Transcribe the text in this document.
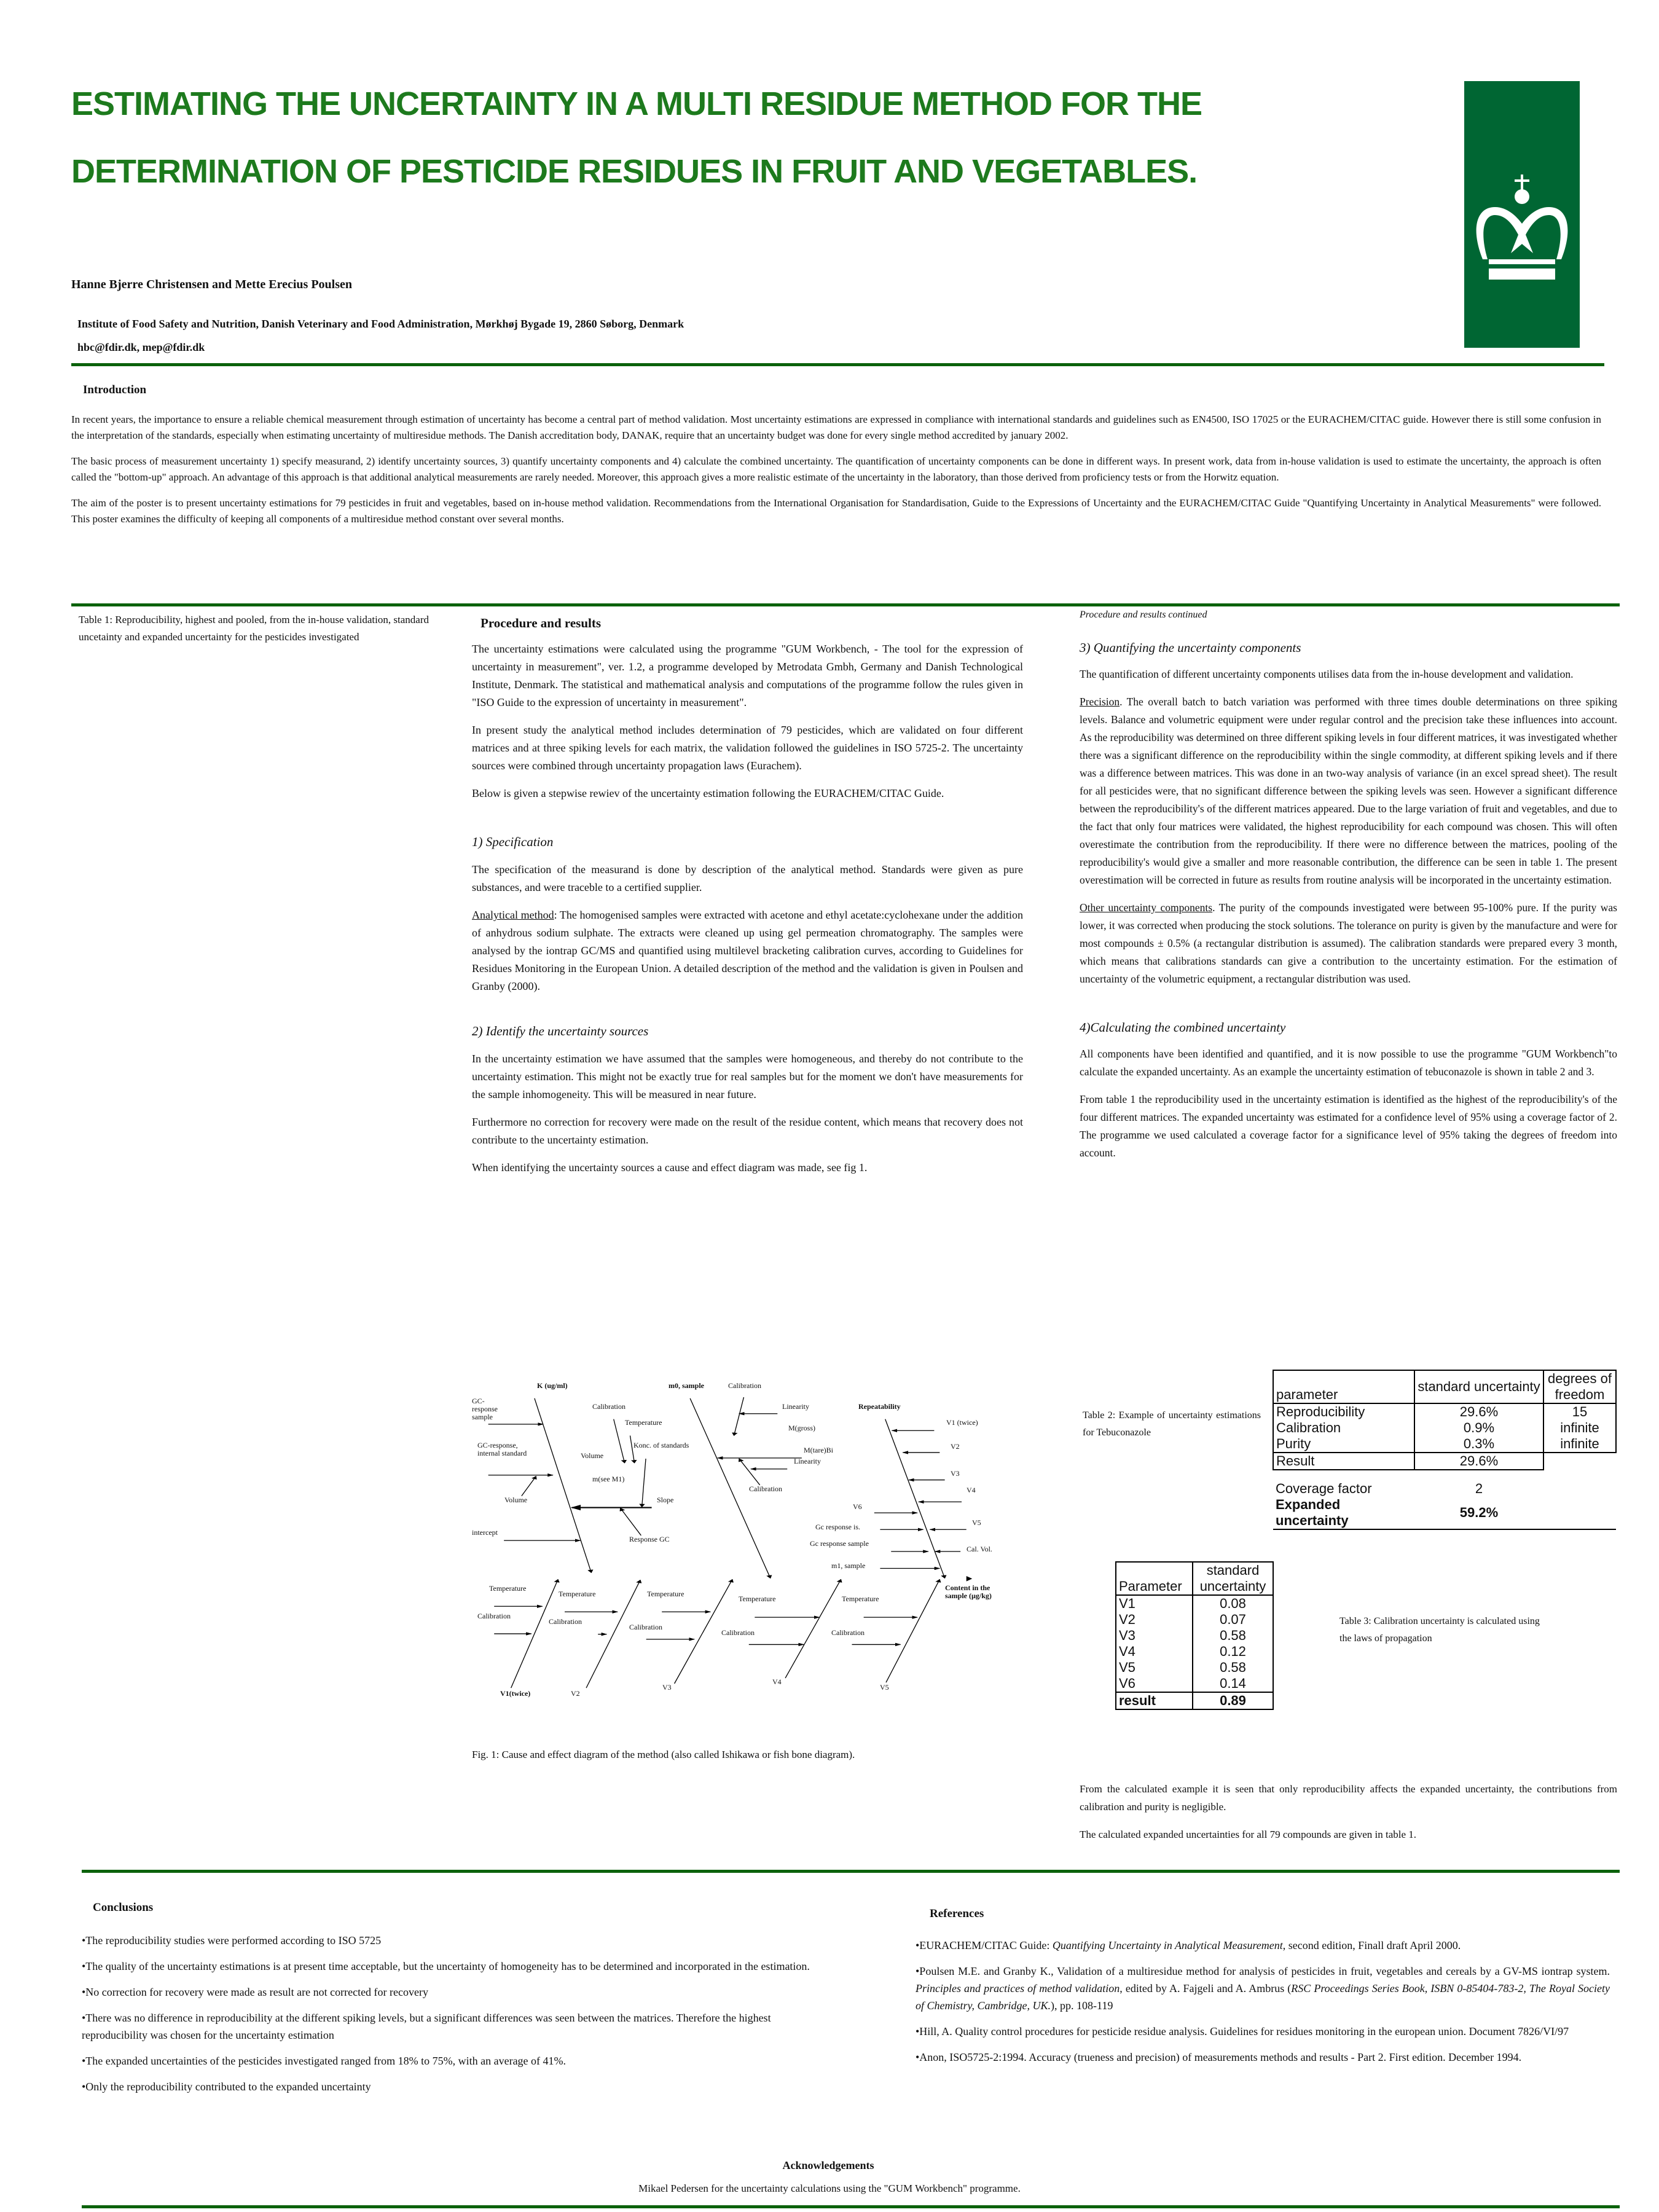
ESTIMATING THE UNCERTAINTY IN A MULTI RESIDUE METHOD FOR THE
DETERMINATION OF PESTICIDE RESIDUES IN FRUIT AND VEGETABLES.
Hanne Bjerre Christensen and Mette Erecius Poulsen
Institute of Food Safety and Nutrition, Danish Veterinary and Food Administration, Mørkhøj Bygade 19, 2860 Søborg, Denmark
hbc@fdir.dk, mep@fdir.dk
Introduction

In recent years, the importance to ensure a reliable chemical measurement through estimation of uncertainty has become a central part of method validation. Most uncertainty estimations are expressed in compliance with international standards and guidelines such as EN4500, ISO 17025 or the EURACHEM/CITAC guide. However there is still some confusion in the interpretation of the standards, especially when estimating uncertainty of multiresidue methods. The Danish accreditation body, DANAK, require that an uncertainty budget was done for every single method accredited by january 2002.

The basic process of measurement uncertainty 1) specify measurand, 2) identify uncertainty sources, 3) quantify uncertainty components and 4) calculate the combined uncertainty. The quantification of uncertainty components can be done in different ways. In present work, data from in-house validation is used to estimate the uncertainty, the approach is often called the "bottom-up" approach. An advantage of this approach is that additional analytical measurements are rarely needed. Moreover, this approach gives a more realistic estimate of the uncertainty in the laboratory, than those derived from proficiency tests or from the Horwitz equation.

The aim of the poster is to present uncertainty estimations for 79 pesticides in fruit and vegetables, based on in-house method validation. Recommendations from the International Organisation for Standardisation, Guide to the Expressions of Uncertainty and the EURACHEM/CITAC Guide "Quantifying Uncertainty in Analytical Measurements" were followed. This poster examines the difficulty of keeping all components of a multiresidue method constant over several months.

Table 1: Reproducibility, highest and pooled, from the in-house validation, standard uncetainty and expanded uncertainty for the pesticides investigated
Procedure and results

The uncertainty estimations were calculated using the programme "GUM Workbench, - The tool for the expression of uncertainty in measurement", ver. 1.2, a programme developed by Metrodata Gmbh, Germany and Danish Technological Institute, Denmark. The statistical and mathematical analysis and computations of the programme follow the rules given in "ISO Guide to the expression of uncertainty in measurement".

In present study the analytical method includes determination of 79 pesticides, which are validated on four different matrices and at three spiking levels for each matrix, the validation followed the guidelines in ISO 5725-2. The uncertainty sources were combined through uncertainty propagation laws (Eurachem).

Below is given a stepwise rewiev of the uncertainty estimation following the EURACHEM/CITAC Guide.

1) Specification

The specification of the measurand is done by description of the analytical method. Standards were given as pure substances, and were traceble to a certified supplier.

Analytical method: The homogenised samples were extracted with acetone and ethyl acetate:cyclohexane under the addition of anhydrous sodium sulphate. The extracts were cleaned up using gel permeation chromatography. The samples were analysed by the iontrap GC/MS and quantified using multilevel bracketing calibration curves, according to Guidelines for Residues Monitoring in the European Union. A detailed description of the method and the validation is given in Poulsen and Granby (2000).

2) Identify the uncertainty sources

In the uncertainty estimation we have assumed that the samples were homogeneous, and thereby do not contribute to the uncertainty estimation. This might not be exactly true for real samples but for the moment we don't have measurements for the sample inhomogeneity. This will be measured in near future.

Furthermore no correction for recovery were made on the result of the residue content, which means that recovery does not contribute to the uncertainty estimation.

When identifying the uncertainty sources a cause and effect diagram was made, see fig 1.

Procedure and results continued
3) Quantifying the uncertainty components

The quantification of different uncertainty components utilises data from the in-house development and validation.

Precision. The overall batch to batch variation was performed with three times double determinations on three spiking levels. Balance and volumetric equipment were under regular control and the precision take these influences into account. As the reproducibility was determined on three different spiking levels in four different matrices, it was investigated whether there was a significant difference on the reproducibility within the single commodity, at different spiking levels and if there was a difference between matrices. This was done in an two-way analysis of variance (in an excel spread sheet). The result for all pesticides were, that no significant difference between the spiking levels was seen. However a significant difference between the reproducibility's of the different matrices appeared. Due to the large variation of fruit and vegetables, and due to the fact that only four matrices were validated, the highest reproducibility for each compound was chosen. This will often overestimate the contribution from the reproducibility. If there were no difference between the matrices, pooling of the reproducibility's would give a smaller and more reasonable contribution, the difference can be seen in table 1. The present overestimation will be corrected in future as results from routine analysis will be incorporated in the uncertainty estimation.

Other uncertainty components. The purity of the compounds investigated were between 95-100% pure. If the purity was lower, it was corrected when producing the stock solutions. The tolerance on purity is given by the manufacture and were for most compounds ± 0.5% (a rectangular distribution is assumed). The calibration standards were prepared every 3 month, which means that calibrations standards can give a contribution to the uncertainty estimation. For the estimation of uncertainty of the volumetric equipment, a rectangular distribution was used.

4)Calculating the combined uncertainty

All components have been identified and quantified, and it is now possible to use the programme "GUM Workbench"to calculate the expanded uncertainty. As an example the uncertainty estimation of tebuconazole is shown in table 2 and 3.

From table 1 the reproducibility used in the uncertainty estimation is identified as the highest of the reproducibility's of the four different matrices. The expanded uncertainty was estimated for a confidence level of 95% using a coverage factor of 2. The programme we used calculated a coverage factor for a significance level of 95% taking the degrees of freedom into account.

Table 2: Example of uncertainty estimations for Tebuconazole
parameter	standard uncertainty	degrees of freedom
Reproducibility	29.6%	15
Calibration	0.9%	infinite
Purity	0.3%	infinite
Result	29.6%	

Coverage factor	2	
Expanded uncertainty	59.2%	
Parameter	standard uncertainty
V1	0.08
V2	0.07
V3	0.58
V4	0.12
V5	0.58
V6	0.14
result	0.89
Table 3: Calibration uncertainty is calculated using the laws of propagation
K (ug/ml)	m0, sample	Calibration
GC-response sample
Calibration
Temperature
Linearity	Repeatability
V1 (twice)
M(gross)
Konc. of standards
GC-response, internal standard	Volume
M(tare)Bi
Linearity
V2
m(see M1)
V3
Calibration	V4
Volume	Slope
V6
Gc response is.	V5
intercept
Response GC
Gc response sample
Cal. Vol.
m1, sample
Content in the sample (µg/kg)
Temperature
Temperature	Temperature
Temperature	Temperature
Calibration
Calibration
Calibration
Calibration	Calibration
V1(twice)	V2
V3
V4
V5
Fig. 1: Cause and effect diagram of the method (also called Ishikawa or fish bone diagram).

From the calculated example it is seen that only reproducibility affects the expanded uncertainty, the contributions from calibration and purity is negligible.

The calculated expanded uncertainties for all 79 compounds are given in table 1.

Conclusions
•The reproducibility studies were performed according to ISO 5725
•The quality of the uncertainty estimations is at present time acceptable, but the uncertainty of homogeneity has to be determined and incorporated in the estimation.
•No correction for recovery were made as result are not corrected for recovery
•There was no difference in reproducibility at the different spiking levels, but a significant differences was seen between the matrices. Therefore the highest reproducibility was chosen for the uncertainty estimation
•The expanded uncertainties of the pesticides investigated ranged from 18% to 75%, with an average of 41%.
•Only the reproducibility contributed to the expanded uncertainty
References
•EURACHEM/CITAC Guide: Quantifying Uncertainty in Analytical Measurement, second edition, Finall draft April 2000.
•Poulsen M.E. and Granby K., Validation of a multiresidue method for analysis of pesticides in fruit, vegetables and cereals by a GV-MS iontrap system. Principles and practices of method validation, edited by A. Fajgeli and A. Ambrus (RSC Proceedings Series Book, ISBN 0-85404-783-2, The Royal Society of Chemistry, Cambridge, UK.), pp. 108-119
•Hill, A. Quality control procedures for pesticide residue analysis. Guidelines for residues monitoring in the european union. Document 7826/VI/97
•Anon, ISO5725-2:1994. Accuracy (trueness and precision) of measurements methods and results - Part 2. First edition. December 1994.
Acknowledgements
Mikael Pedersen for the uncertainty calculations using the "GUM Workbench" programme.
